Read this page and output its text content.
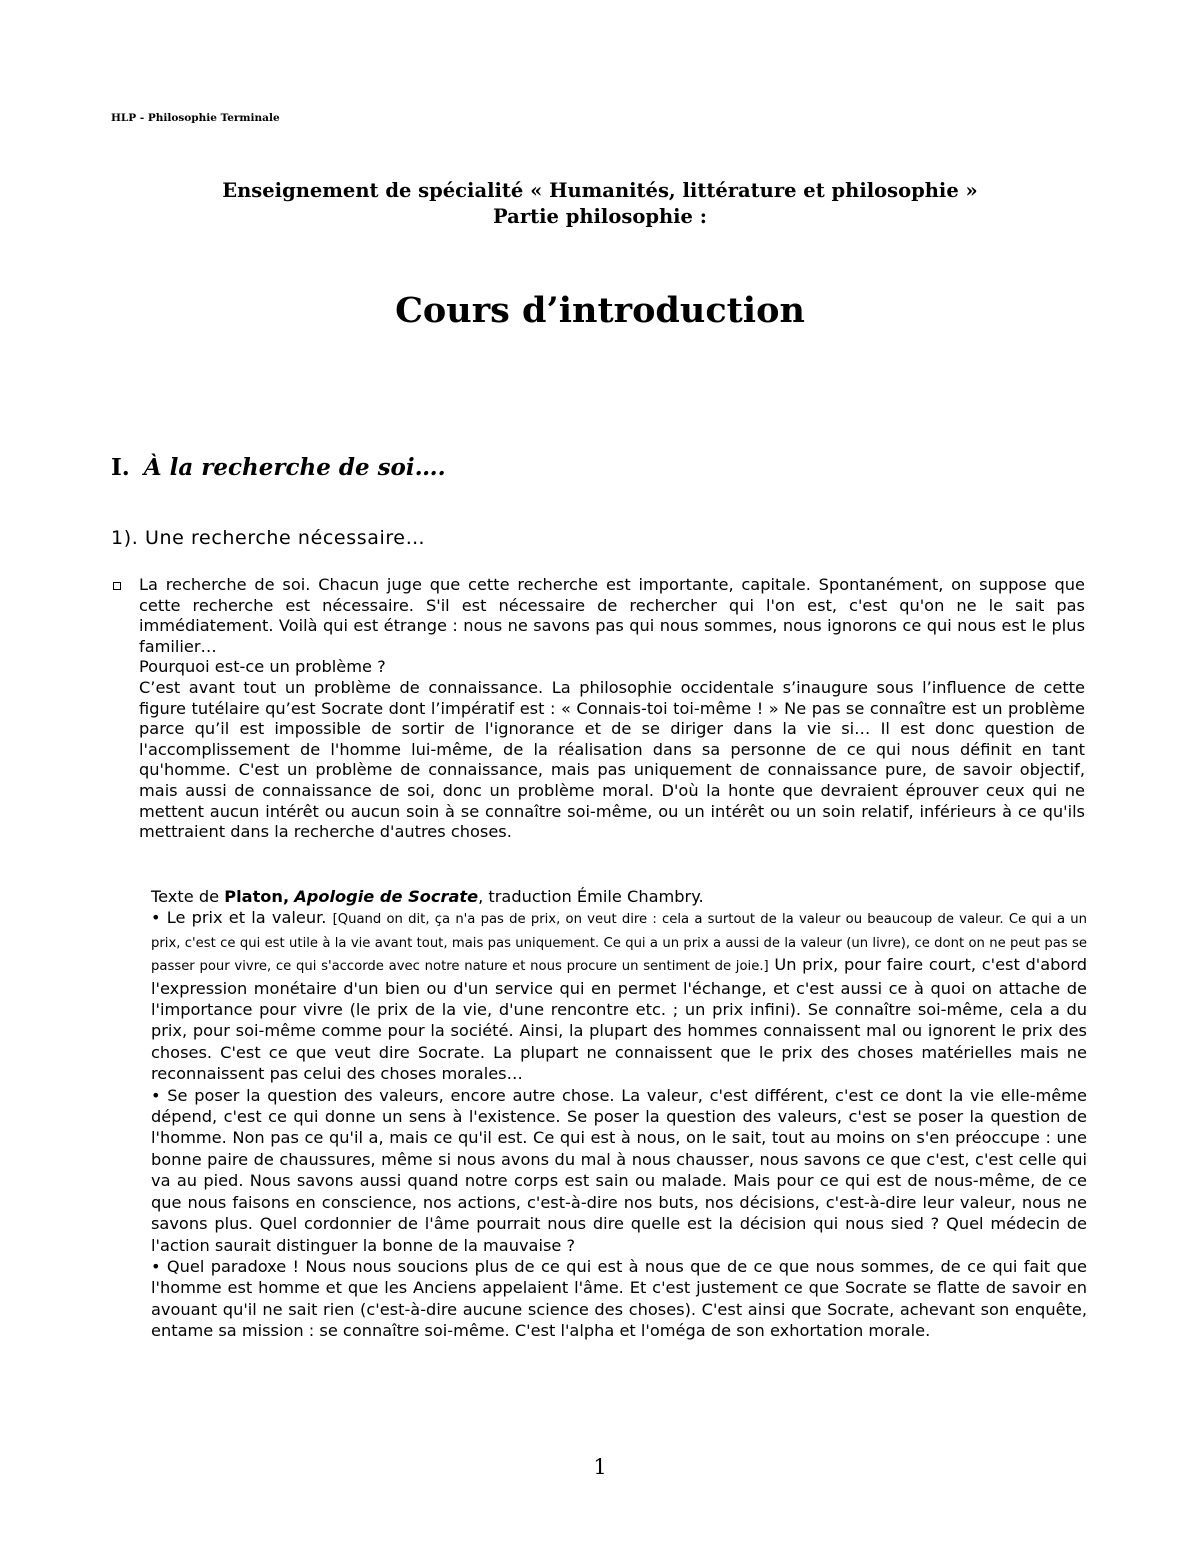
HLP - Philosophie Terminale
Enseignement de spécialité « Humanités, littérature et philosophie »
Partie philosophie :
Cours d’introduction
I. À la recherche de soi….
1). Une recherche nécessaire…

La recherche de soi. Chacun juge que cette recherche est importante, capitale. Spontanément, on suppose que cette recherche est nécessaire. S'il est nécessaire de rechercher qui l'on est, c'est qu'on ne le sait pas immédiatement. Voilà qui est étrange : nous ne savons pas qui nous sommes, nous ignorons ce qui nous est le plus familier…

Pourquoi est-ce un problème ?

C’est avant tout un problème de connaissance. La philosophie occidentale s’inaugure sous l’influence de cette figure tutélaire qu’est Socrate dont l’impératif est : « Connais-toi toi-même ! » Ne pas se connaître est un problème parce qu’il est impossible de sortir de l'ignorance et de se diriger dans la vie si… Il est donc question de l'accomplissement de l'homme lui-même, de la réalisation dans sa personne de ce qui nous définit en tant qu'homme. C'est un problème de connaissance, mais pas uniquement de connaissance pure, de savoir objectif, mais aussi de connaissance de soi, donc un problème moral. D'où la honte que devraient éprouver ceux qui ne mettent aucun intérêt ou aucun soin à se connaître soi-même, ou un intérêt ou un soin relatif, inférieurs à ce qu'ils mettraient dans la recherche d'autres choses.

Texte de Platon, Apologie de Socrate, traduction Émile Chambry.

• Le prix et la valeur. [Quand on dit, ça n'a pas de prix, on veut dire : cela a surtout de la valeur ou beaucoup de valeur. Ce qui a un prix, c'est ce qui est utile à la vie avant tout, mais pas uniquement. Ce qui a un prix a aussi de la valeur (un livre), ce dont on ne peut pas se passer pour vivre, ce qui s'accorde avec notre nature et nous procure un sentiment de joie.] Un prix, pour faire court, c'est d'abord l'expression monétaire d'un bien ou d'un service qui en permet l'échange, et c'est aussi ce à quoi on attache de l'importance pour vivre (le prix de la vie, d'une rencontre etc. ; un prix infini). Se connaître soi-même, cela a du prix, pour soi-même comme pour la société. Ainsi, la plupart des hommes connaissent mal ou ignorent le prix des choses. C'est ce que veut dire Socrate. La plupart ne connaissent que le prix des choses matérielles mais ne reconnaissent pas celui des choses morales…

• Se poser la question des valeurs, encore autre chose. La valeur, c'est différent, c'est ce dont la vie elle-même dépend, c'est ce qui donne un sens à l'existence. Se poser la question des valeurs, c'est se poser la question de l'homme. Non pas ce qu'il a, mais ce qu'il est. Ce qui est à nous, on le sait, tout au moins on s'en préoccupe : une bonne paire de chaussures, même si nous avons du mal à nous chausser, nous savons ce que c'est, c'est celle qui va au pied. Nous savons aussi quand notre corps est sain ou malade. Mais pour ce qui est de nous-même, de ce que nous faisons en conscience, nos actions, c'est-à-dire nos buts, nos décisions, c'est-à-dire leur valeur, nous ne savons plus. Quel cordonnier de l'âme pourrait nous dire quelle est la décision qui nous sied ? Quel médecin de l'action saurait distinguer la bonne de la mauvaise ?

• Quel paradoxe ! Nous nous soucions plus de ce qui est à nous que de ce que nous sommes, de ce qui fait que l'homme est homme et que les Anciens appelaient l'âme. Et c'est justement ce que Socrate se flatte de savoir en avouant qu'il ne sait rien (c'est-à-dire aucune science des choses). C'est ainsi que Socrate, achevant son enquête, entame sa mission : se connaître soi-même. C'est l'alpha et l'oméga de son exhortation morale.

1
